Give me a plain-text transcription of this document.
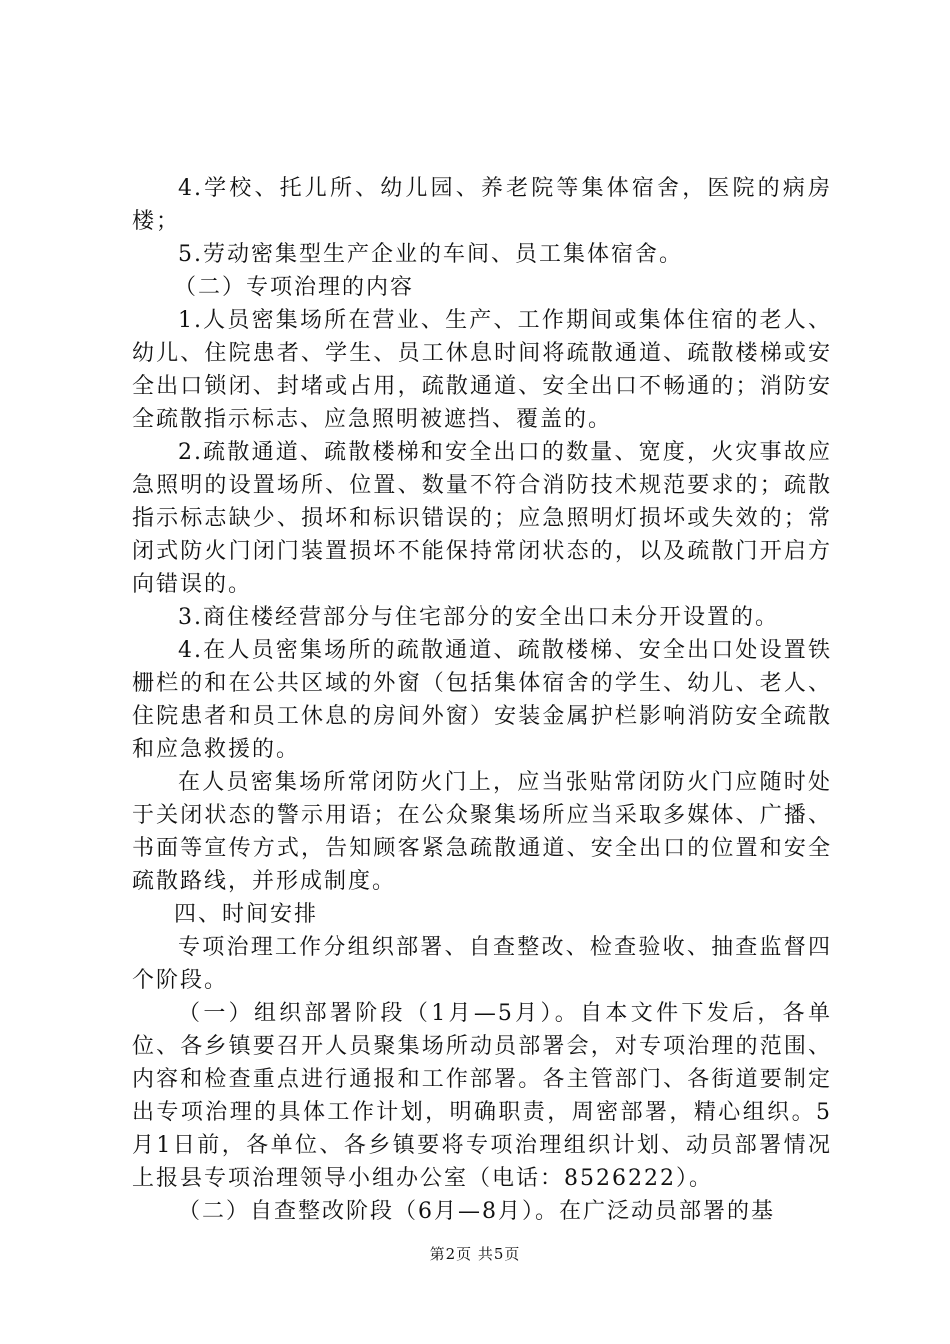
4.学校、托儿所、幼儿园、养老院等集体宿舍，医院的病房楼；

5.劳动密集型生产企业的车间、员工集体宿舍。

（二）专项治理的内容

1.人员密集场所在营业、生产、工作期间或集体住宿的老人、幼儿、住院患者、学生、员工休息时间将疏散通道、疏散楼梯或安全出口锁闭、封堵或占用，疏散通道、安全出口不畅通的；消防安全疏散指示标志、应急照明被遮挡、覆盖的。

2.疏散通道、疏散楼梯和安全出口的数量、宽度，火灾事故应急照明的设置场所、位置、数量不符合消防技术规范要求的；疏散指示标志缺少、损坏和标识错误的；应急照明灯损坏或失效的；常闭式防火门闭门装置损坏不能保持常闭状态的，以及疏散门开启方向错误的。

3.商住楼经营部分与住宅部分的安全出口未分开设置的。

4.在人员密集场所的疏散通道、疏散楼梯、安全出口处设置铁栅栏的和在公共区域的外窗（包括集体宿舍的学生、幼儿、老人、住院患者和员工休息的房间外窗）安装金属护栏影响消防安全疏散和应急救援的。

在人员密集场所常闭防火门上，应当张贴常闭防火门应随时处于关闭状态的警示用语；在公众聚集场所应当采取多媒体、广播、书面等宣传方式，告知顾客紧急疏散通道、安全出口的位置和安全疏散路线，并形成制度。

四、时间安排

专项治理工作分组织部署、自查整改、检查验收、抽查监督四个阶段。

（一）组织部署阶段（1月—5月）。自本文件下发后，各单位、各乡镇要召开人员聚集场所动员部署会，对专项治理的范围、内容和检查重点进行通报和工作部署。各主管部门、各街道要制定出专项治理的具体工作计划，明确职责，周密部署，精心组织。5月1日前，各单位、各乡镇要将专项治理组织计划、动员部署情况上报县专项治理领导小组办公室（电话：8526222）。

（二）自查整改阶段（6月—8月）。在广泛动员部署的基

第2页 共5页
